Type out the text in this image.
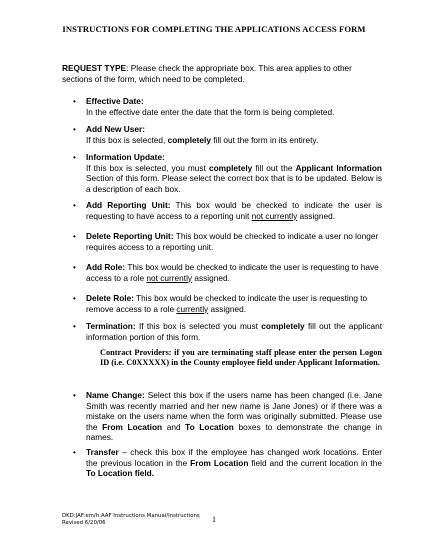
INSTRUCTIONS FOR COMPLETING THE APPLICATIONS ACCESS FORM
REQUEST TYPE: Please check the appropriate box. This area applies to other sections of the form, which need to be completed.
•	Effective Date:
In the effective date enter the date that the form is being completed.
•	Add New User:
If this box is selected, completely fill out the form in its entirety.
•	Information Update:
If this box is selected, you must completely fill out the Applicant Information Section of this form. Please select the correct box that is to be updated. Below is a description of each box.
•	Add Reporting Unit: This box would be checked to indicate the user is requesting to have access to a reporting unit not currently assigned.
•	Delete Reporting Unit: This box would be checked to indicate a user no longer requires access to a reporting unit.
•	Add Role: This box would be checked to indicate the user is requesting to have access to a role not currently assigned.
•	Delete Role: This box would be checked to indicate the user is requesting to remove access to a role currently assigned.
•	Termination: If this box is selected you must completely fill out the applicant information portion of this form.
Contract Providers: if you are terminating staff please enter the person Logon ID (i.e. C0XXXXX) in the County employee field under Applicant Information.
•	Name Change: Select this box if the users name has been changed (i.e. Jane Smith was recently married and her new name is Jane Jones) or if there was a mistake on the users name when the form was originally submitted. Please use the From Location and To Location boxes to demonstrate the change in names.
•	Transfer – check this box if the employee has changed work locations. Enter the previous location in the From Location field and the current location in the To Location field.
DKD:JAF:em/h:AAF Instructions Manual/Instructions
Revised 6/20/06	1
